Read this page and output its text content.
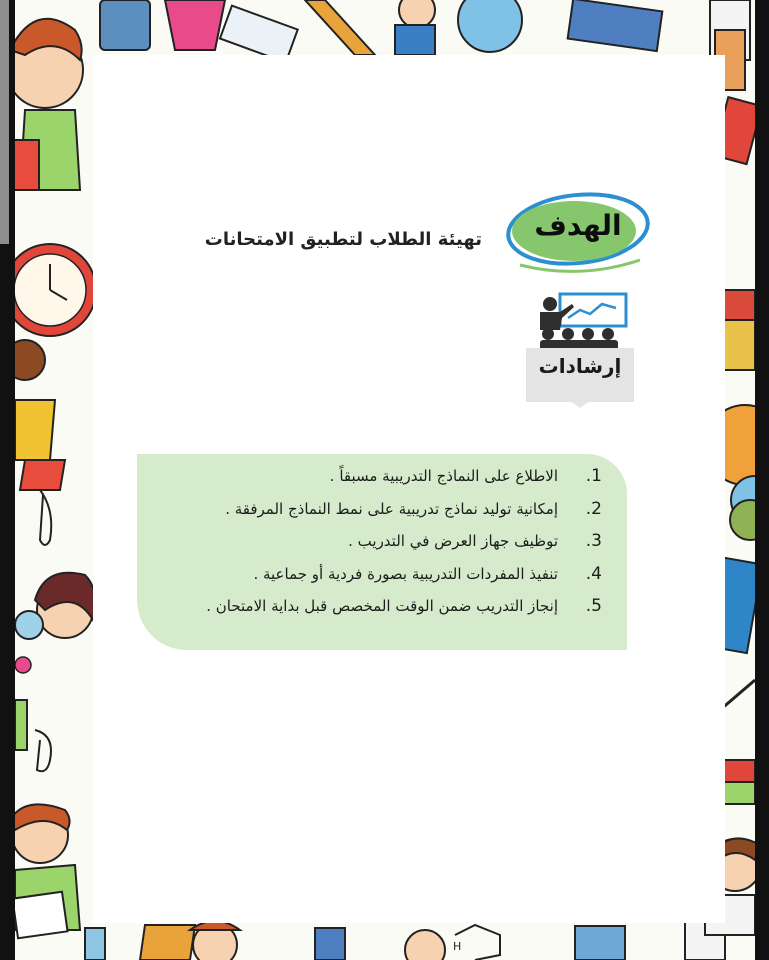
H
الهدف
تهيئة الطلاب لتطبيق الامتحانات
إرشادات
1.
الاطلاع على النماذج التدريبية مسبقاً .
2.
إمكانية توليد نماذج تدريبية على نمط النماذج المرفقة .
3.
توظيف جهاز العرض في التدريب .
4.
تنفيذ المفردات التدريبية بصورة فردية أو جماعية .
5.
إنجاز التدريب ضمن الوقت المخصص قبل بداية الامتحان .
